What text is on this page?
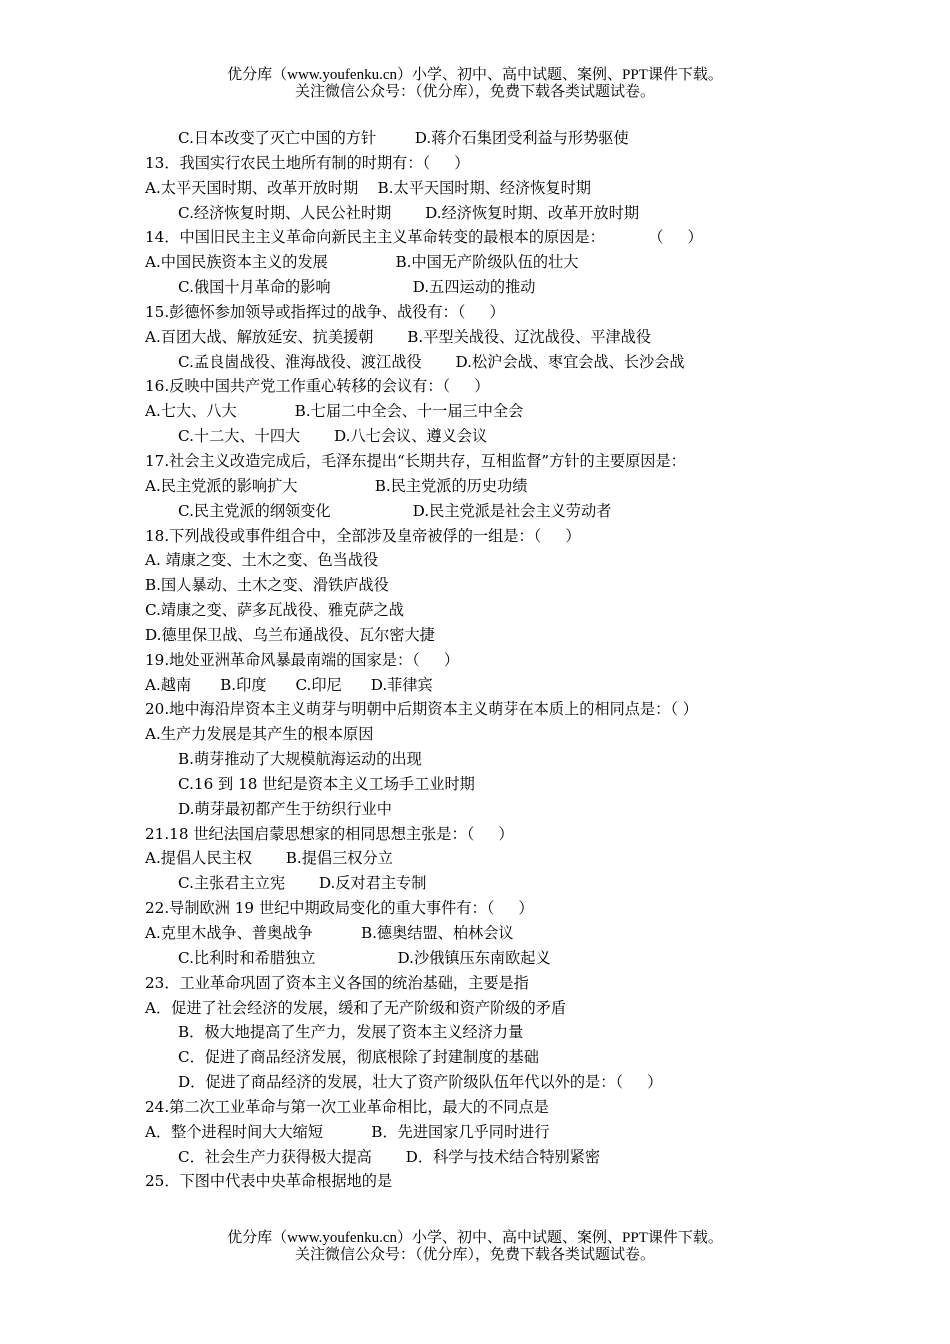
优分库（www.youfenku.cn）小学、初中、高中试题、案例、PPT课件下载。
关注微信公众号：（优分库），免费下载各类试题试卷。
C.日本改变了灭亡中国的方针        D.蒋介石集团受利益与形势驱使
13．我国实行农民土地所有制的时期有：（     ）
A.太平天国时期、改革开放时期    B.太平天国时期、经济恢复时期
C.经济恢复时期、人民公社时期       D.经济恢复时期、改革开放时期
14．中国旧民主主义革命向新民主主义革命转变的最根本的原因是：         （     ）
A.中国民族资本主义的发展              B.中国无产阶级队伍的壮大
C.俄国十月革命的影响                 D.五四运动的推动
15.彭德怀参加领导或指挥过的战争、战役有：（     ）
A.百团大战、解放延安、抗美援朝       B.平型关战役、辽沈战役、平津战役
C.孟良崮战役、淮海战役、渡江战役       D.松沪会战、枣宜会战、长沙会战
16.反映中国共产党工作重心转移的会议有：（     ）
A.七大、八大            B.七届二中全会、十一届三中全会
C.十二大、十四大       D.八七会议、遵义会议
17.社会主义改造完成后，毛泽东提出“长期共存，互相监督”方针的主要原因是：
A.民主党派的影响扩大                B.民主党派的历史功绩
C.民主党派的纲领变化                 D.民主党派是社会主义劳动者
18.下列战役或事件组合中，全部涉及皇帝被俘的一组是：（     ）
A. 靖康之变、土木之变、色当战役
B.国人暴动、土木之变、滑铁庐战役
C.靖康之变、萨多瓦战役、雅克萨之战
D.德里保卫战、乌兰布通战役、瓦尔密大捷
19.地处亚洲革命风暴最南端的国家是：（     ）
A.越南      B.印度      C.印尼      D.菲律宾
20.地中海沿岸资本主义萌芽与明朝中后期资本主义萌芽在本质上的相同点是：（ ）
A.生产力发展是其产生的根本原因
B.萌芽推动了大规模航海运动的出现
C.16 到 18 世纪是资本主义工场手工业时期
D.萌芽最初都产生于纺织行业中
21.18 世纪法国启蒙思想家的相同思想主张是：（     ）
A.提倡人民主权       B.提倡三权分立
C.主张君主立宪       D.反对君主专制
22.导制欧洲 19 世纪中期政局变化的重大事件有：（     ）
A.克里木战争、普奥战争          B.德奥结盟、柏林会议
C.比利时和希腊独立                 D.沙俄镇压东南欧起义
23．工业革命巩固了资本主义各国的统治基础，主要是指
A．促进了社会经济的发展，缓和了无产阶级和资产阶级的矛盾
B．极大地提高了生产力，发展了资本主义经济力量
C．促进了商品经济发展，彻底根除了封建制度的基础
D．促进了商品经济的发展，壮大了资产阶级队伍年代以外的是：（     ）
24.第二次工业革命与第一次工业革命相比，最大的不同点是
A．整个进程时间大大缩短          B．先进国家几乎同时进行
C．社会生产力获得极大提高       D．科学与技术结合特别紧密
25．下图中代表中央革命根据地的是
优分库（www.youfenku.cn）小学、初中、高中试题、案例、PPT课件下载。
关注微信公众号：（优分库），免费下载各类试题试卷。
